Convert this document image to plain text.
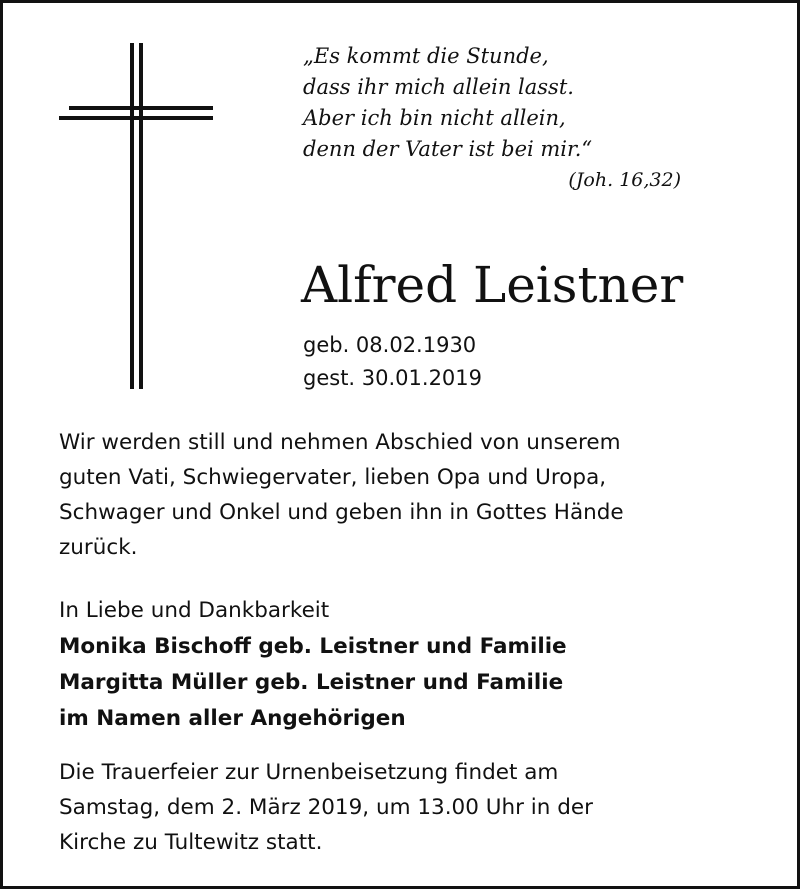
„Es kommt die Stunde,
dass ihr mich allein lasst.
Aber ich bin nicht allein,
denn der Vater ist bei mir.“
(Joh. 16,32)
Alfred Leistner
geb. 08.02.1930
gest. 30.01.2019
Wir werden still und nehmen Abschied von unserem
guten Vati, Schwiegervater, lieben Opa und Uropa,
Schwager und Onkel und geben ihn in Gottes Hände
zurück.
In Liebe und Dankbarkeit
Monika Bischoff geb. Leistner und Familie
Margitta Müller geb. Leistner und Familie
im Namen aller Angehörigen
Die Trauerfeier zur Urnenbeisetzung findet am
Samstag, dem 2. März 2019, um 13.00 Uhr in der
Kirche zu Tultewitz statt.
